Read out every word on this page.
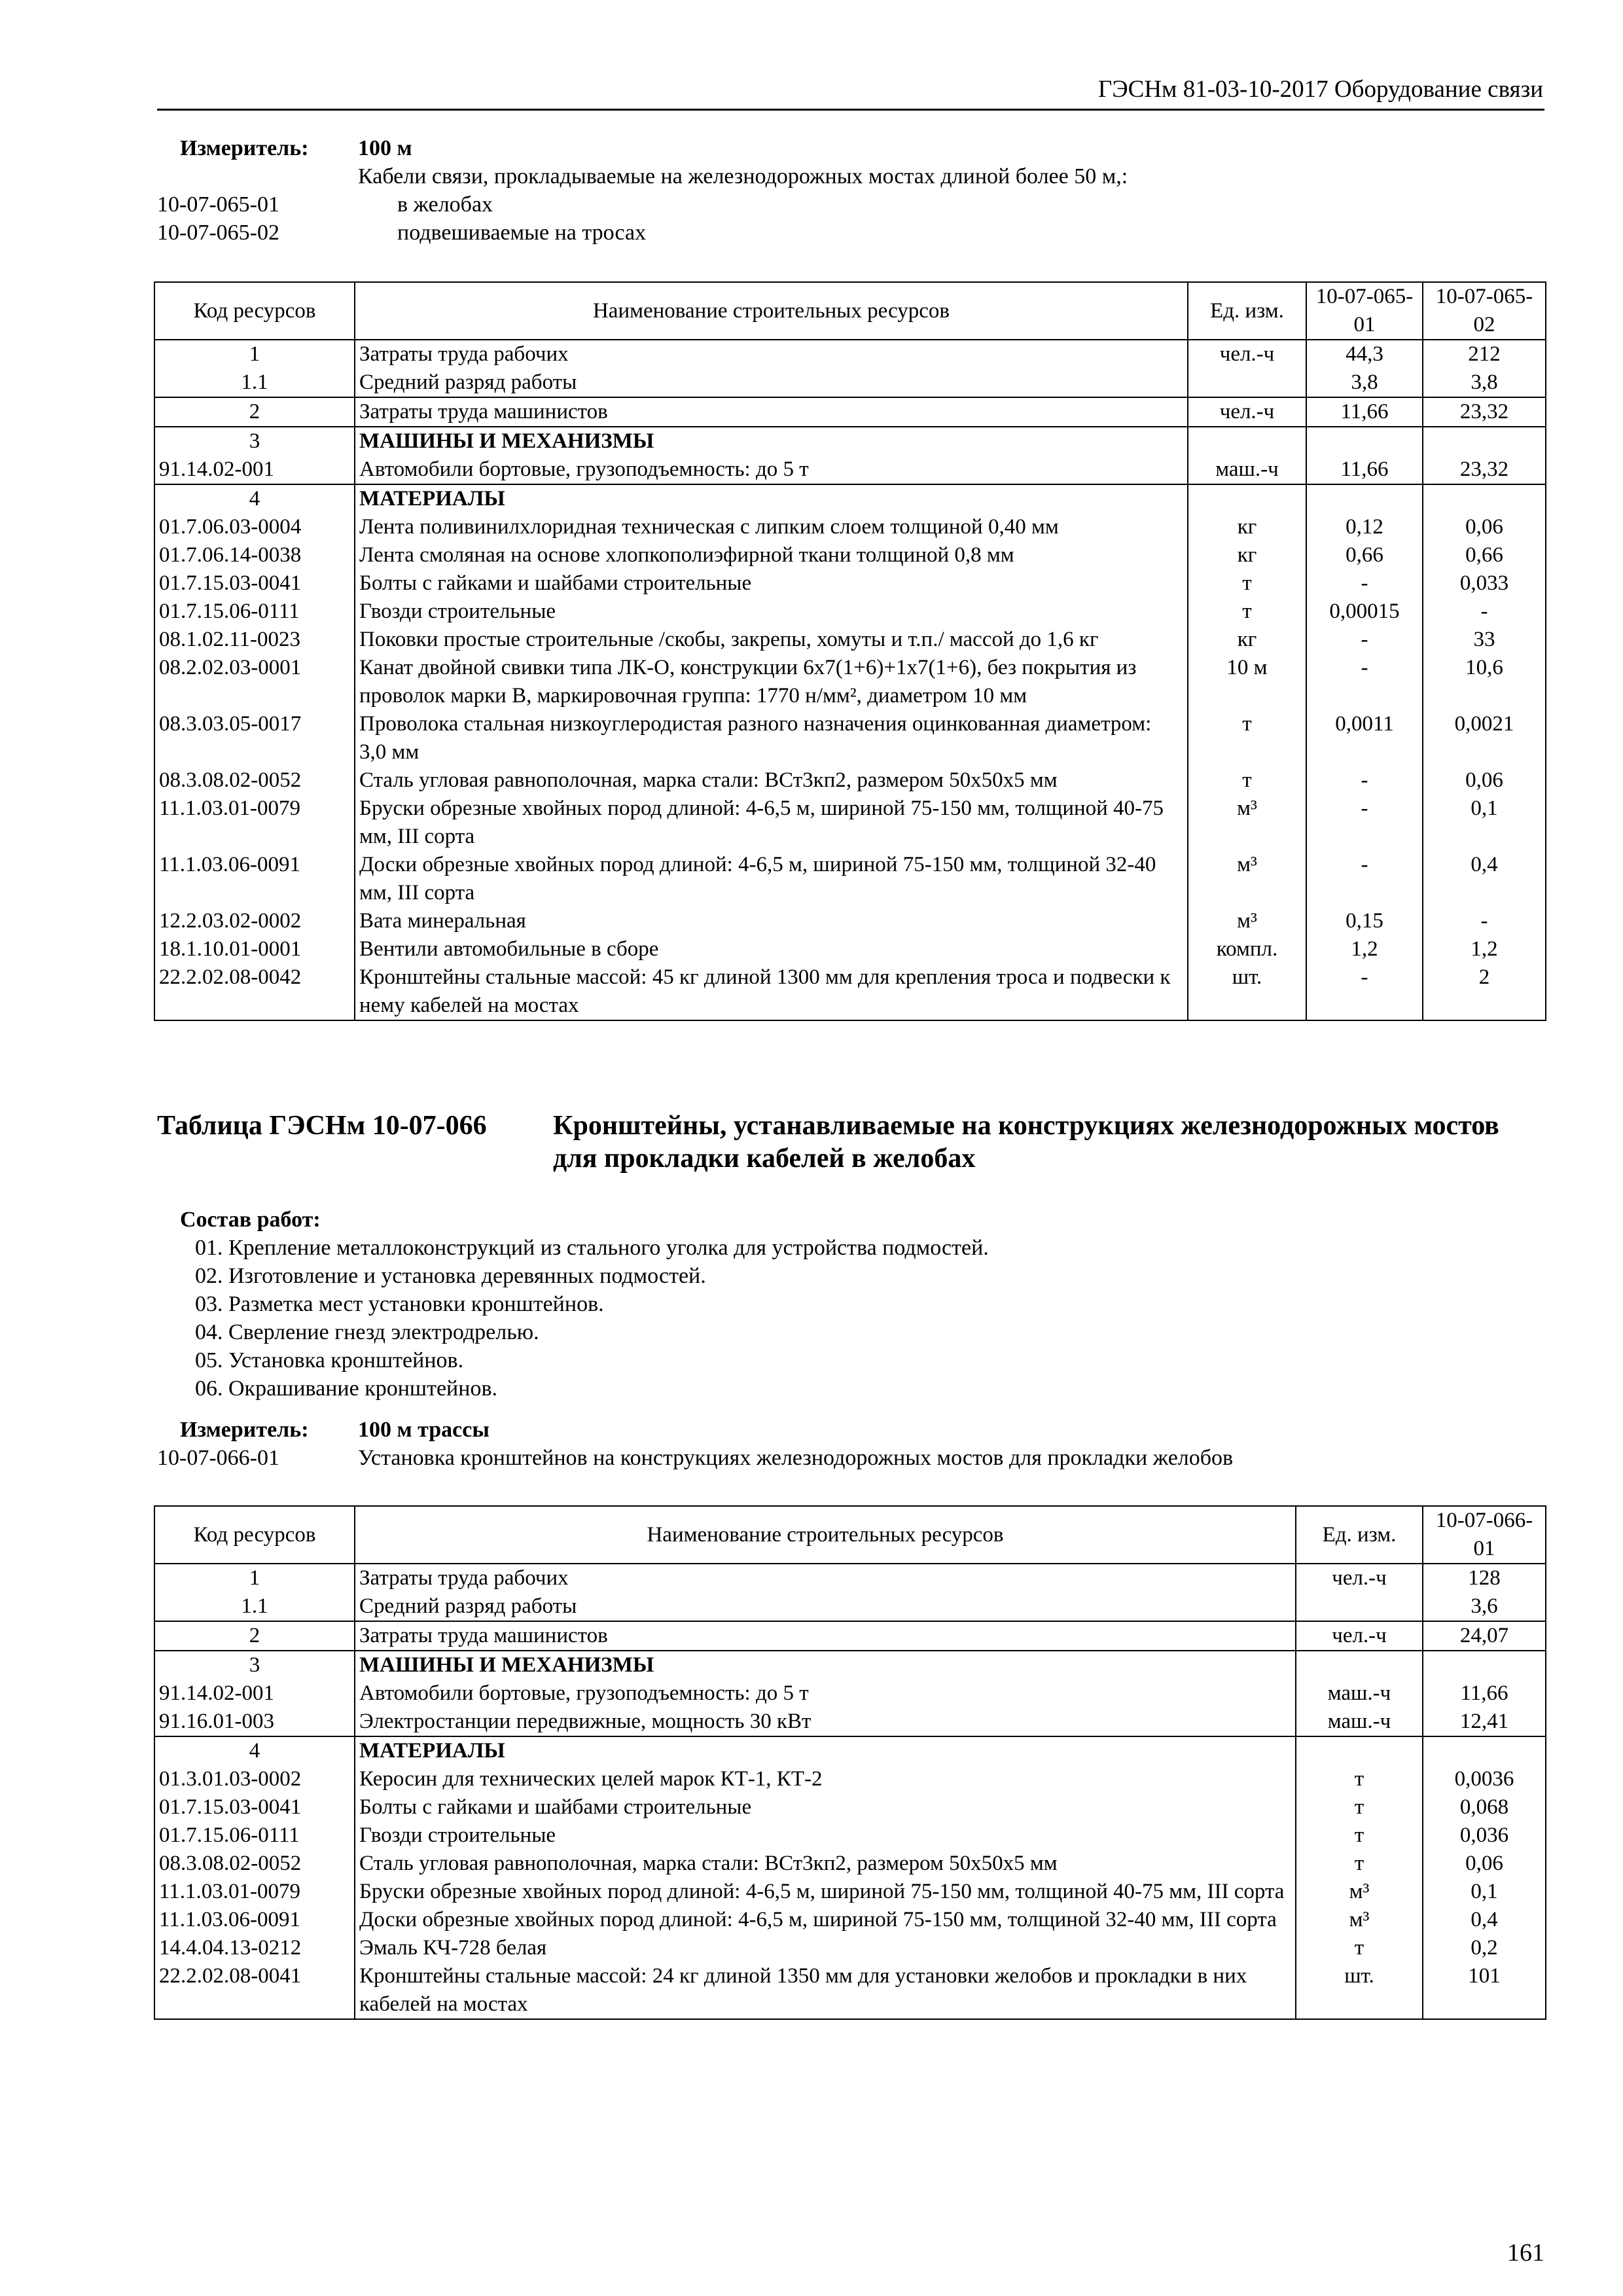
ГЭСНм 81-03-10-2017 Оборудование связи
Измеритель: 100 м
Кабели связи, прокладываемые на железнодорожных мостах длиной более 50 м,:
10-07-065-01	в желобах
10-07-065-02	подвешиваемые на тросах
Код ресурсов	Наименование строительных ресурсов	Ед. изм.	10-07-065-01	10-07-065-02
1	Затраты труда рабочих	чел.-ч	44,3	212
1.1	Средний разряд работы		3,8	3,8
2	Затраты труда машинистов	чел.-ч	11,66	23,32
3	МАШИНЫ И МЕХАНИЗМЫ			
91.14.02-001	Автомобили бортовые, грузоподъемность: до 5 т	маш.-ч	11,66	23,32
4	МАТЕРИАЛЫ			
01.7.06.03-0004	Лента поливинилхлоридная техническая с липким слоем толщиной 0,40 мм	кг	0,12	0,06
01.7.06.14-0038	Лента смоляная на основе хлопкополиэфирной ткани толщиной 0,8 мм	кг	0,66	0,66
01.7.15.03-0041	Болты с гайками и шайбами строительные	т	-	0,033
01.7.15.06-0111	Гвозди строительные	т	0,00015	-
08.1.02.11-0023	Поковки простые строительные /скобы, закрепы, хомуты и т.п./ массой до 1,6 кг	кг	-	33
08.2.02.03-0001	Канат двойной свивки типа ЛК-О, конструкции 6х7(1+6)+1х7(1+6), без покрытия из проволок марки В, маркировочная группа: 1770 н/мм², диаметром 10 мм	10 м	-	10,6
08.3.03.05-0017	Проволока стальная низкоуглеродистая разного назначения оцинкованная диаметром: 3,0 мм	т	0,0011	0,0021
08.3.08.02-0052	Сталь угловая равнополочная, марка стали: ВСт3кп2, размером 50х50х5 мм	т	-	0,06
11.1.03.01-0079	Бруски обрезные хвойных пород длиной: 4-6,5 м, шириной 75-150 мм, толщиной 40-75 мм, III сорта	м³	-	0,1
11.1.03.06-0091	Доски обрезные хвойных пород длиной: 4-6,5 м, шириной 75-150 мм, толщиной 32-40 мм, III сорта	м³	-	0,4
12.2.03.02-0002	Вата минеральная	м³	0,15	-
18.1.10.01-0001	Вентили автомобильные в сборе	компл.	1,2	1,2
22.2.02.08-0042	Кронштейны стальные массой: 45 кг длиной 1300 мм для крепления троса и подвески к нему кабелей на мостах	шт.	-	2
Таблица ГЭСНм 10-07-066 Кронштейны, устанавливаемые на конструкциях железнодорожных мостов для прокладки кабелей в желобах
Состав работ:
01. Крепление металлоконструкций из стального уголка для устройства подмостей.
02. Изготовление и установка деревянных подмостей.
03. Разметка мест установки кронштейнов.
04. Сверление гнезд электродрелью.
05. Установка кронштейнов.
06. Окрашивание кронштейнов.
Измеритель: 100 м трассы
10-07-066-01	Установка кронштейнов на конструкциях железнодорожных мостов для прокладки желобов
Код ресурсов	Наименование строительных ресурсов	Ед. изм.	10-07-066-01
1	Затраты труда рабочих	чел.-ч	128
1.1	Средний разряд работы		3,6
2	Затраты труда машинистов	чел.-ч	24,07
3	МАШИНЫ И МЕХАНИЗМЫ		
91.14.02-001	Автомобили бортовые, грузоподъемность: до 5 т	маш.-ч	11,66
91.16.01-003	Электростанции передвижные, мощность 30 кВт	маш.-ч	12,41
4	МАТЕРИАЛЫ		
01.3.01.03-0002	Керосин для технических целей марок КТ-1, КТ-2	т	0,0036
01.7.15.03-0041	Болты с гайками и шайбами строительные	т	0,068
01.7.15.06-0111	Гвозди строительные	т	0,036
08.3.08.02-0052	Сталь угловая равнополочная, марка стали: ВСт3кп2, размером 50х50х5 мм	т	0,06
11.1.03.01-0079	Бруски обрезные хвойных пород длиной: 4-6,5 м, шириной 75-150 мм, толщиной 40-75 мм, III сорта	м³	0,1
11.1.03.06-0091	Доски обрезные хвойных пород длиной: 4-6,5 м, шириной 75-150 мм, толщиной 32-40 мм, III сорта	м³	0,4
14.4.04.13-0212	Эмаль КЧ-728 белая	т	0,2
22.2.02.08-0041	Кронштейны стальные массой: 24 кг длиной 1350 мм для установки желобов и прокладки в них кабелей на мостах	шт.	101
161
